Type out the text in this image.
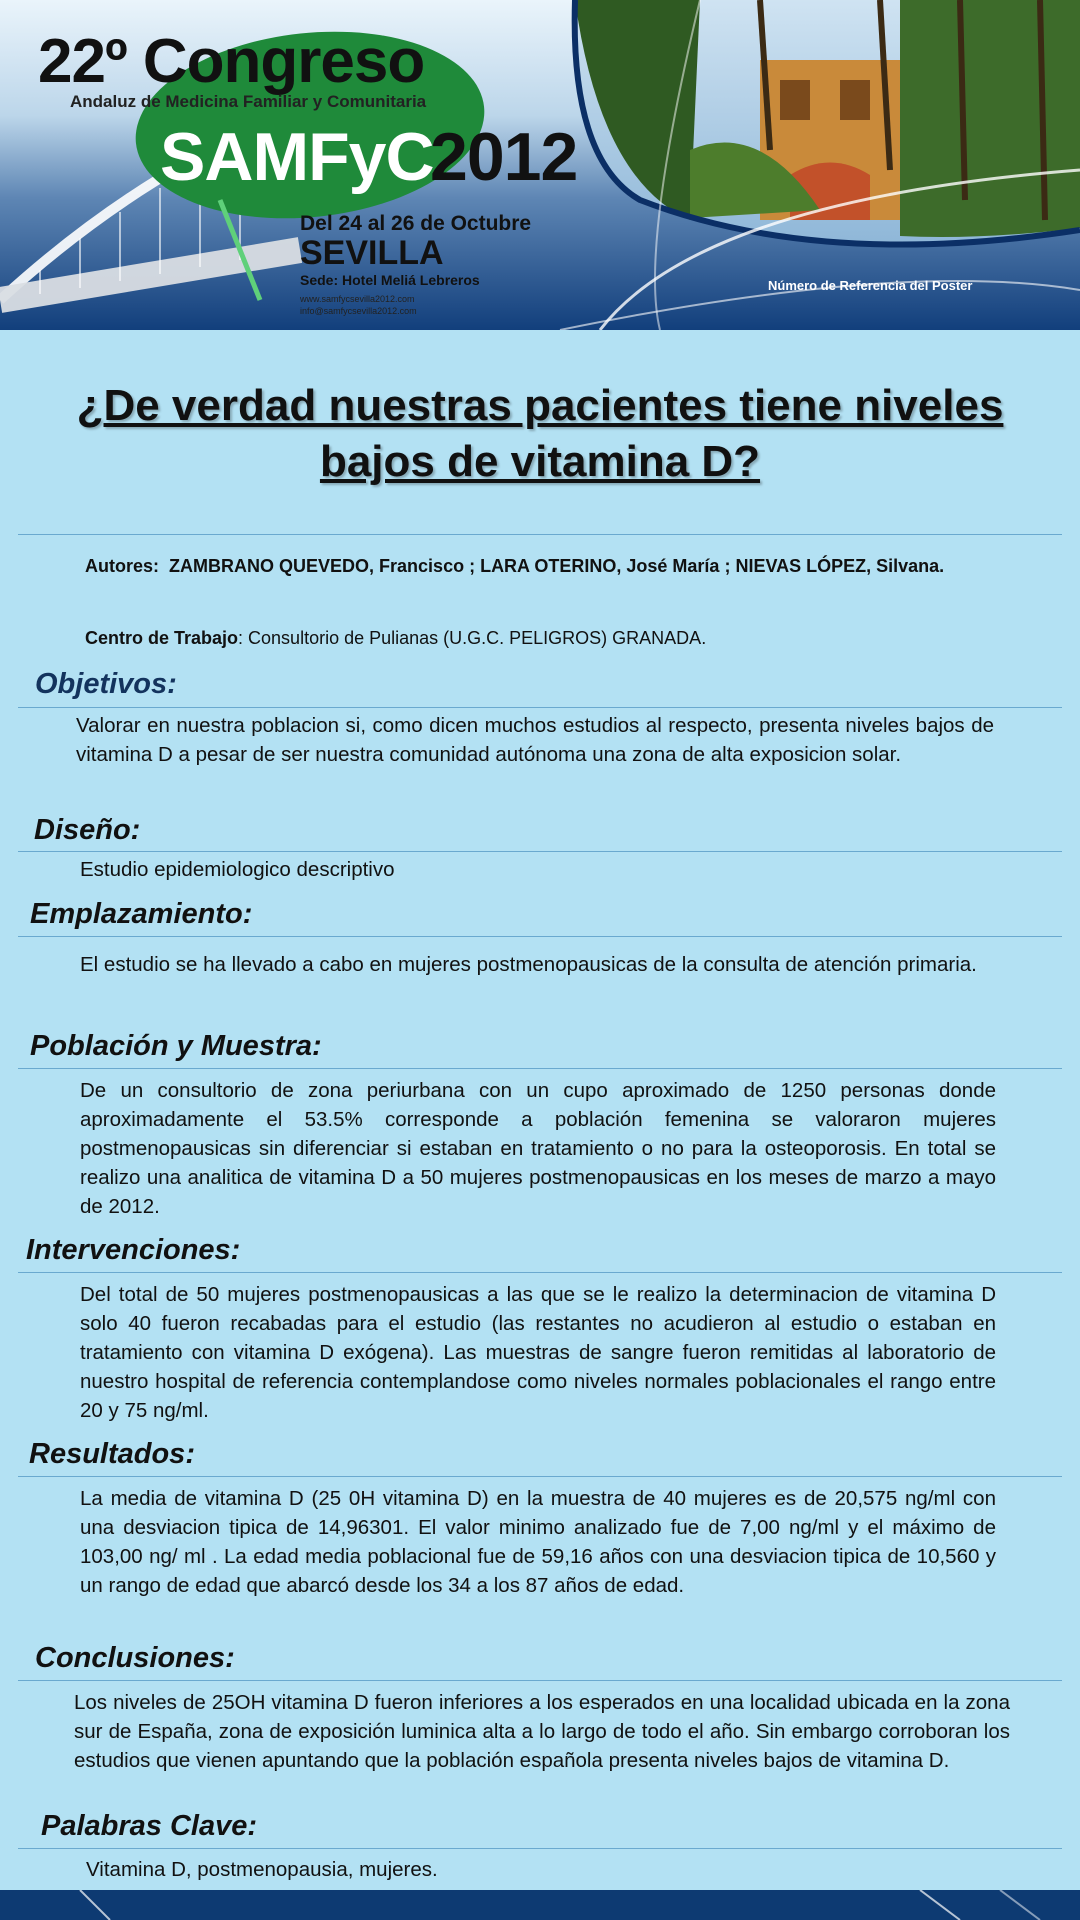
22º Congreso
Andaluz de Medicina Familiar y Comunitaria
SAMFyC
2012
Del 24 al 26 de Octubre
SEVILLA
Sede: Hotel Meliá Lebreros
www.samfycsevilla2012.com
info@samfycsevilla2012.com
Número de Referencia del Poster
¿De verdad nuestras pacientes tiene niveles bajos de vitamina D?
Autores: ZAMBRANO QUEVEDO, Francisco ; LARA OTERINO, José María ; NIEVAS LÓPEZ, Silvana.
Centro de Trabajo: Consultorio de Pulianas (U.G.C. PELIGROS) GRANADA.
Objetivos:
Valorar en nuestra poblacion si, como dicen muchos estudios al respecto, presenta niveles bajos de vitamina D a pesar de ser nuestra comunidad autónoma una zona de alta exposicion solar.
Diseño:
Estudio epidemiologico descriptivo
Emplazamiento:
El estudio se ha llevado a cabo en mujeres postmenopausicas de la consulta de atención primaria.
Población y Muestra:
De un consultorio de zona periurbana con un cupo aproximado de 1250 personas donde aproximadamente el 53.5% corresponde a población femenina se valoraron mujeres postmenopausicas sin diferenciar si estaban en tratamiento o no para la osteoporosis. En total se realizo una analitica de vitamina D a 50 mujeres postmenopausicas en los meses de marzo a mayo de 2012.
Intervenciones:
Del total de 50 mujeres postmenopausicas a las que se le realizo la determinacion de vitamina D solo 40 fueron recabadas para el estudio (las restantes no acudieron al estudio o estaban en tratamiento con vitamina D exógena). Las muestras de sangre fueron remitidas al laboratorio de nuestro hospital de referencia contemplandose como niveles normales poblacionales el rango entre 20 y 75 ng/ml.
Resultados:
La media de vitamina D (25 0H vitamina D) en la muestra de 40 mujeres es de 20,575 ng/ml con una desviacion tipica de 14,96301. El valor minimo analizado fue de 7,00 ng/ml y el máximo de 103,00 ng/ ml . La edad media poblacional fue de 59,16 años con una desviacion tipica de 10,560 y un rango de edad que abarcó desde los 34 a los 87 años de edad.
Conclusiones:
Los niveles de 25OH vitamina D fueron inferiores a los esperados en una localidad ubicada en la zona sur de España, zona de exposición luminica alta a lo largo de todo el año. Sin embargo corroboran los estudios que vienen apuntando que la población española presenta niveles bajos de vitamina D.
Palabras Clave:
Vitamina D, postmenopausia, mujeres.
